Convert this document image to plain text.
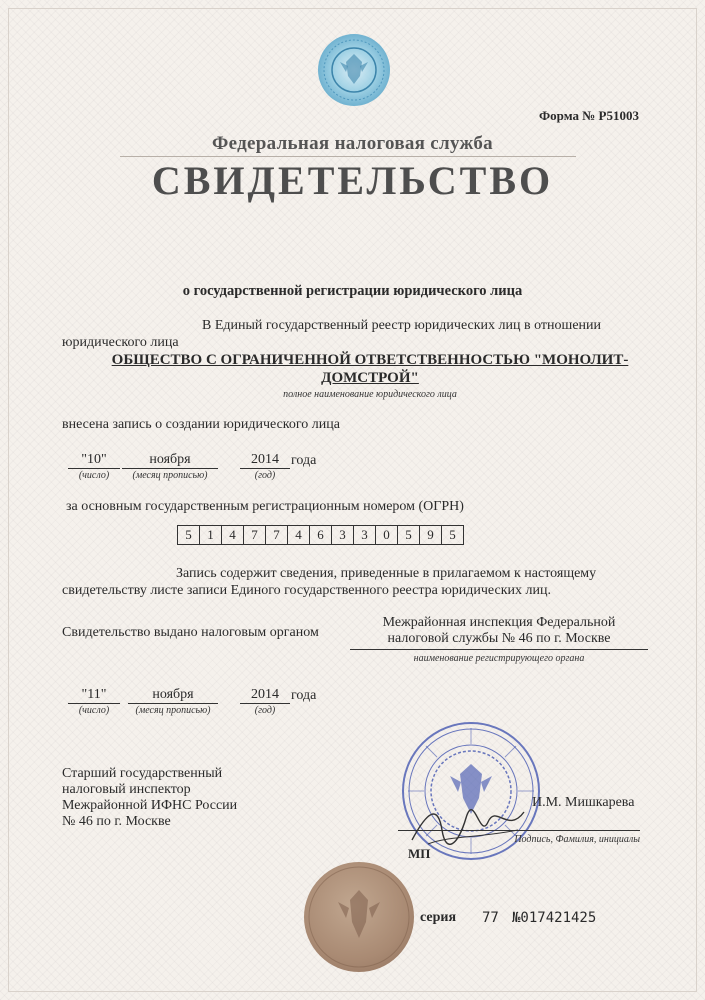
Форма № Р51003
Федеральная налоговая служба
СВИДЕТЕЛЬСТВО
о государственной регистрации юридического лица
В Единый государственный реестр юридических лиц в отношении
юридического лица
ОБЩЕСТВО С ОГРАНИЧЕННОЙ ОТВЕТСТВЕННОСТЬЮ "МОНОЛИТ-
ДОМСТРОЙ"
полное наименование юридического лица
внесена запись о создании юридического лица
"10"	ноября	2014 года
(число)	(месяц прописью)	(год)
за основным государственным регистрационным номером (ОГРН)
5	1	4	7	7	4	6	3	3	0	5	9	5
Запись содержит сведения, приведенные в прилагаемом к настоящему
свидетельству листе записи Единого государственного реестра юридических лиц.
Свидетельство выдано налоговым органом
Межрайонная инспекция Федеральной
налоговой службы № 46 по г. Москве
наименование регистрирующего органа
"11"	ноября	2014 года
(число)	(месяц прописью)	(год)
Старший государственный
налоговый инспектор
Межрайонной ИФНС России
№ 46 по г. Москве
И.М. Мишкарева
Подпись, Фамилия, инициалы
МП
серия 77 №017421425
